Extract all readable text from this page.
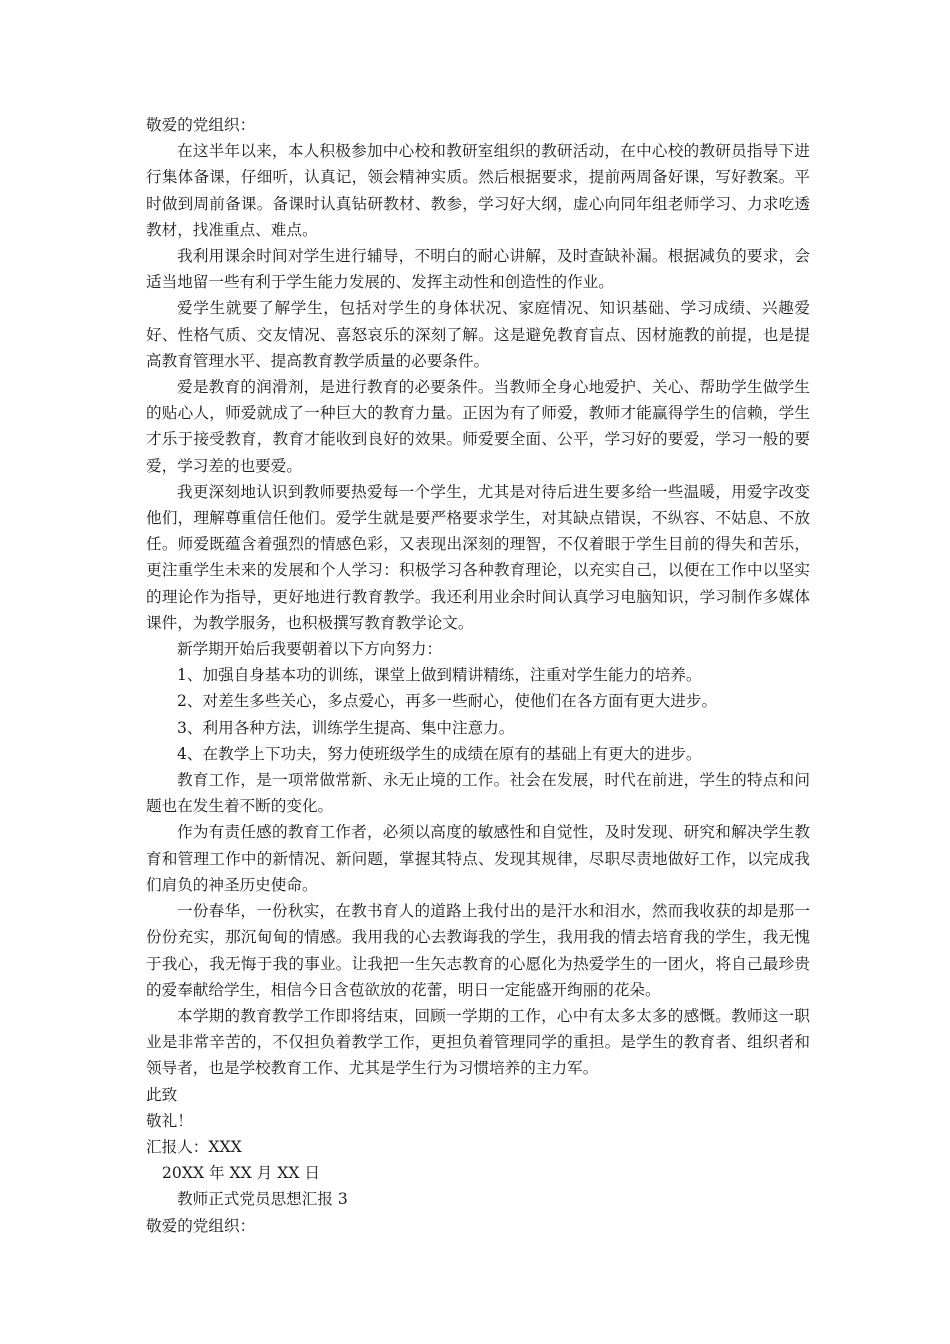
敬爱的党组织：

在这半年以来，本人积极参加中心校和教研室组织的教研活动，在中心校的教研员指导下进行集体备课，仔细听，认真记，领会精神实质。然后根据要求，提前两周备好课，写好教案。平时做到周前备课。备课时认真钻研教材、教参，学习好大纲，虚心向同年组老师学习、力求吃透教材，找准重点、难点。

我利用课余时间对学生进行辅导，不明白的耐心讲解，及时查缺补漏。根据减负的要求，会适当地留一些有利于学生能力发展的、发挥主动性和创造性的作业。

爱学生就要了解学生，包括对学生的身体状况、家庭情况、知识基础、学习成绩、兴趣爱好、性格气质、交友情况、喜怒哀乐的深刻了解。这是避免教育盲点、因材施教的前提，也是提高教育管理水平、提高教育教学质量的必要条件。

爱是教育的润滑剂，是进行教育的必要条件。当教师全身心地爱护、关心、帮助学生做学生的贴心人，师爱就成了一种巨大的教育力量。正因为有了师爱，教师才能赢得学生的信赖，学生才乐于接受教育，教育才能收到良好的效果。师爱要全面、公平，学习好的要爱，学习一般的要爱，学习差的也要爱。

我更深刻地认识到教师要热爱每一个学生，尤其是对待后进生要多给一些温暖，用爱字改变他们，理解尊重信任他们。爱学生就是要严格要求学生，对其缺点错误，不纵容、不姑息、不放任。师爱既蕴含着强烈的情感色彩，又表现出深刻的理智，不仅着眼于学生目前的得失和苦乐，更注重学生未来的发展和个人学习：积极学习各种教育理论，以充实自己，以便在工作中以坚实的理论作为指导，更好地进行教育教学。我还利用业余时间认真学习电脑知识，学习制作多媒体课件，为教学服务，也积极撰写教育教学论文。

新学期开始后我要朝着以下方向努力：

1、加强自身基本功的训练，课堂上做到精讲精练，注重对学生能力的培养。

2、对差生多些关心，多点爱心，再多一些耐心，使他们在各方面有更大进步。

3、利用各种方法，训练学生提高、集中注意力。

4、在教学上下功夫，努力使班级学生的成绩在原有的基础上有更大的进步。

教育工作，是一项常做常新、永无止境的工作。社会在发展，时代在前进，学生的特点和问题也在发生着不断的变化。

作为有责任感的教育工作者，必须以高度的敏感性和自觉性，及时发现、研究和解决学生教育和管理工作中的新情况、新问题，掌握其特点、发现其规律，尽职尽责地做好工作，以完成我们肩负的神圣历史使命。

一份春华，一份秋实，在教书育人的道路上我付出的是汗水和泪水，然而我收获的却是那一份份充实，那沉甸甸的情感。我用我的心去教诲我的学生，我用我的情去培育我的学生，我无愧于我心，我无悔于我的事业。让我把一生矢志教育的心愿化为热爱学生的一团火，将自己最珍贵的爱奉献给学生，相信今日含苞欲放的花蕾，明日一定能盛开绚丽的花朵。

本学期的教育教学工作即将结束，回顾一学期的工作，心中有太多太多的感慨。教师这一职业是非常辛苦的，不仅担负着教学工作，更担负着管理同学的重担。是学生的教育者、组织者和领导者，也是学校教育工作、尤其是学生行为习惯培养的主力军。

此致

敬礼！

汇报人：XXX

20XX 年 XX 月 XX 日

教师正式党员思想汇报 3

敬爱的党组织：
